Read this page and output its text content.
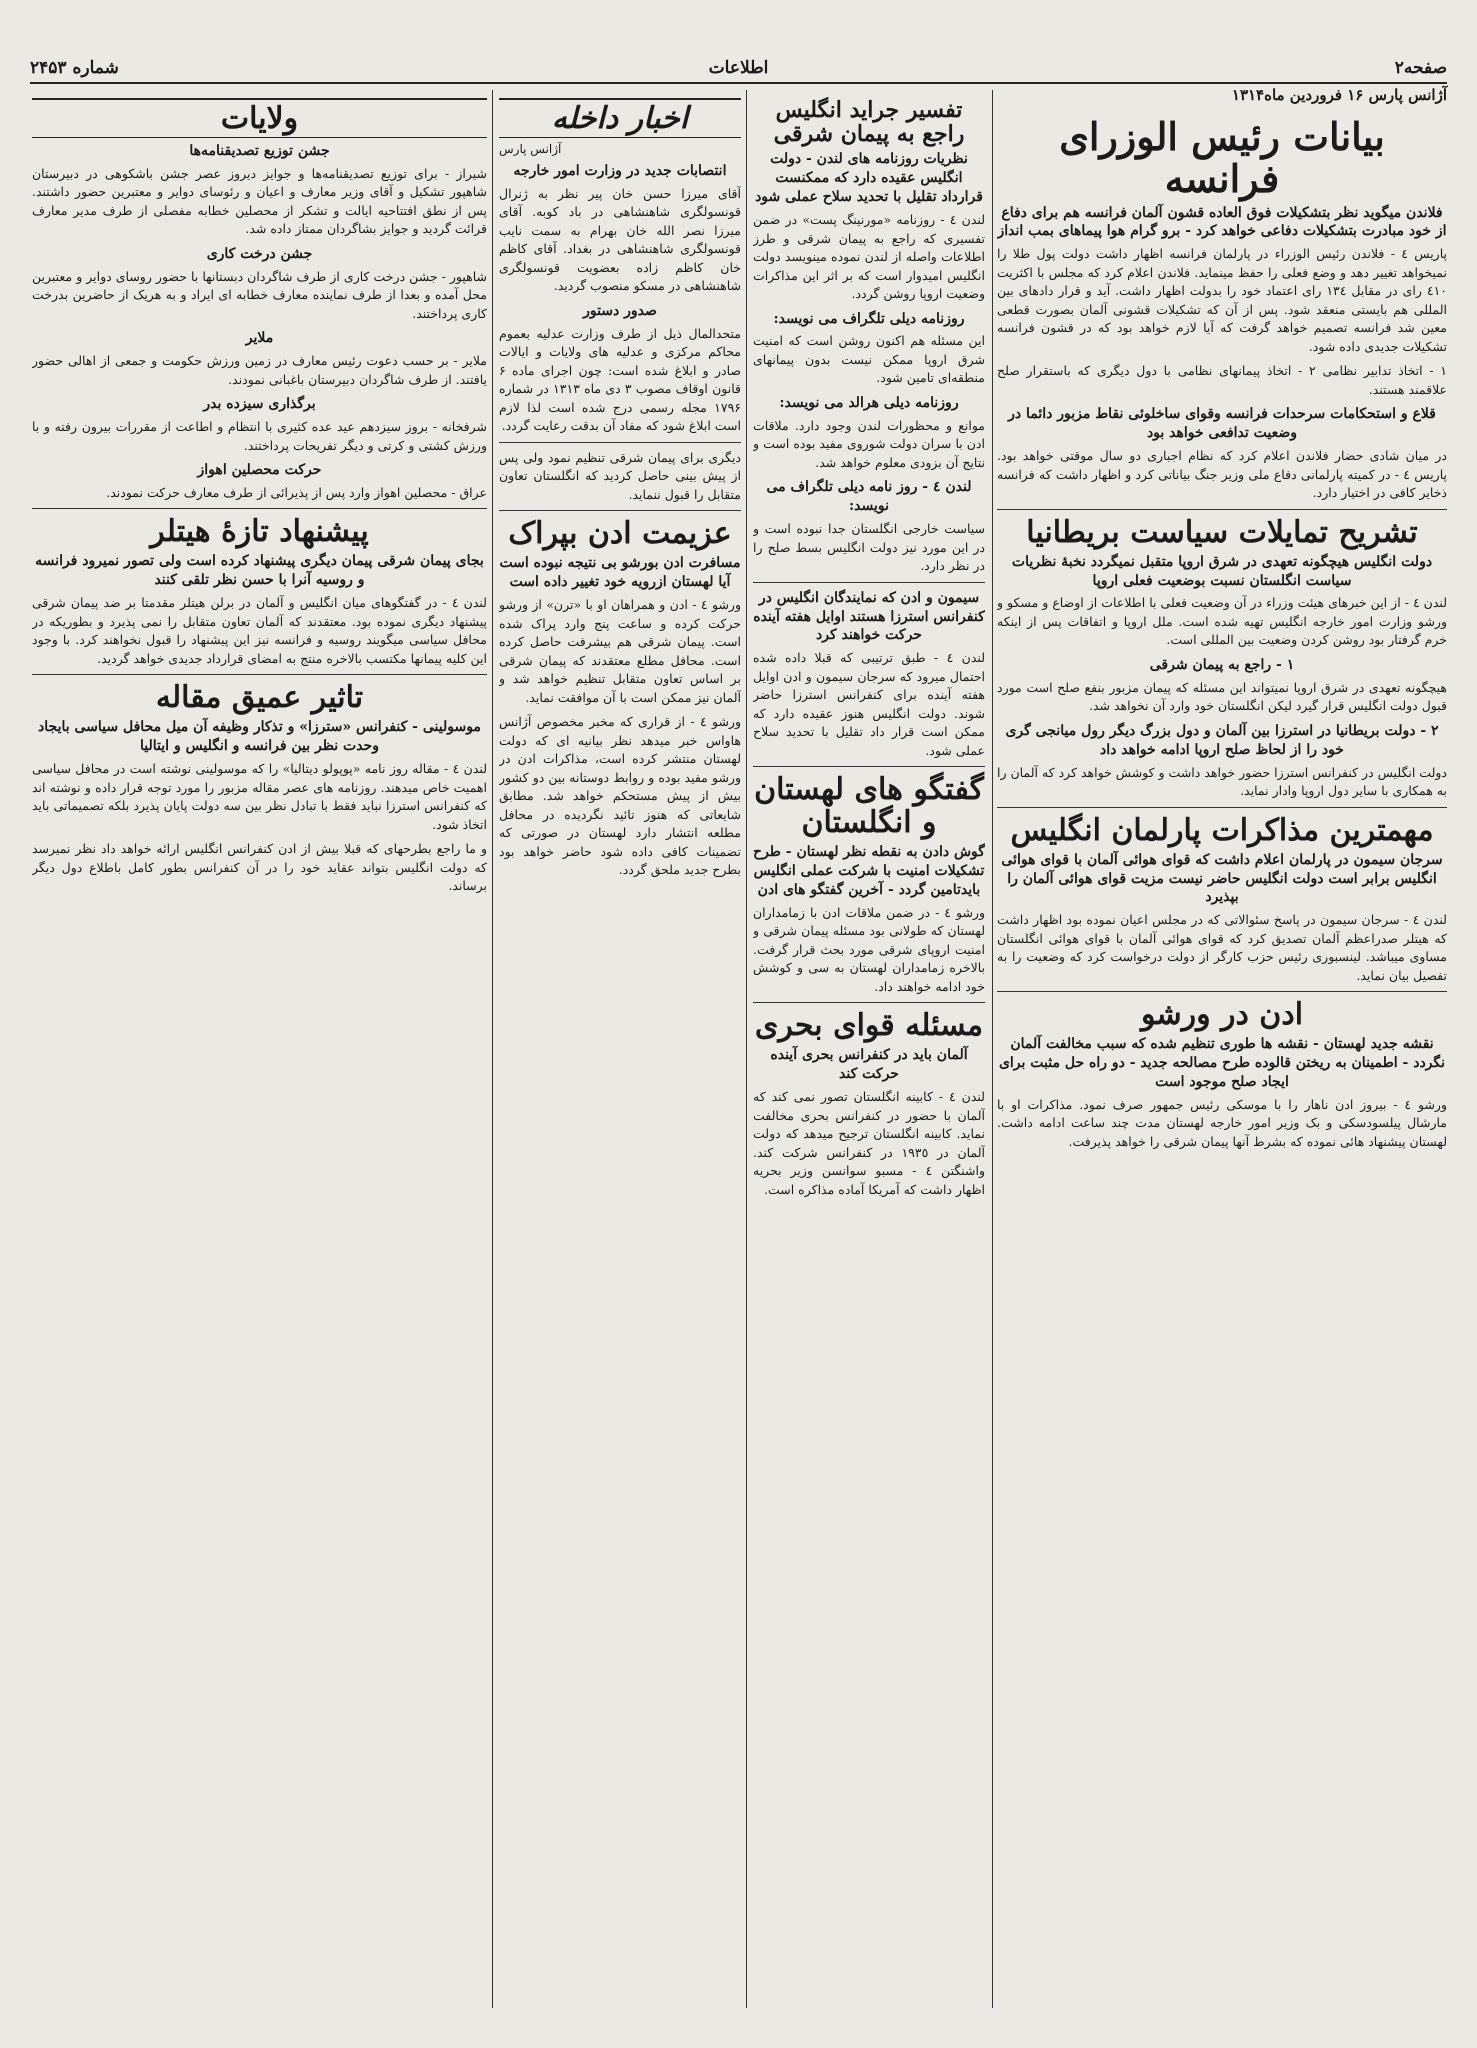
صفحه۲
اطلاعات
شماره ۲۴۵۳
آژانس پارس ۱۶ فروردین ماه۱۳۱۴
بیانات رئیس الوزرای فرانسه
فلاندن میگوید نظر بتشکیلات فوق العاده قشون آلمان فرانسه هم برای دفاع از خود مبادرت بتشکیلات دفاعی خواهد کرد - برو گرام هوا پیماهای بمب انداز

پاریس ٤ - فلاندن رئیس الوزراء در پارلمان فرانسه اظهار داشت دولت پول طلا را نمیخواهد تغییر دهد و وضع فعلی را حفظ مینماید. فلاندن اعلام کرد که مجلس با اکثریت ٤۱۰ رای در مقابل ۱۳٤ رای اعتماد خود را بدولت اظهار داشت. آید و قرار دادهای بین المللی هم بایستی منعقد شود. پس از آن که تشکیلات قشونی آلمان بصورت قطعی معین شد فرانسه تصمیم خواهد گرفت که آیا لازم خواهد بود که در قشون فرانسه تشکیلات جدیدی داده شود.

۱ - اتخاذ تدابیر نظامی ۲ - اتخاذ پیمانهای نظامی با دول دیگری که باستقرار صلح علاقمند هستند.

قلاع و استحکامات سرحدات فرانسه وقوای ساخلوئی نقاط مزبور دائما در وضعیت تدافعی خواهد بود

در میان شادی حضار فلاندن اعلام کرد که نظام اجباری دو سال موقتی خواهد بود. پاریس ٤ - در کمیته پارلمانی دفاع ملی وزیر جنگ بیاناتی کرد و اظهار داشت که فرانسه ذخایر کافی در اختیار دارد.

تشریح تمایلات سیاست بریطانیا
دولت انگلیس هیچگونه تعهدی در شرق اروپا متقبل نمیگردد نخبهٔ نظریات سیاست انگلستان نسبت بوضعیت فعلی اروپا

لندن ٤ - از این خبرهای هیئت وزراء در آن وضعیت فعلی با اطلاعات از اوضاع و مسکو و ورشو وزارت امور خارجه انگلیس تهیه شده است. ملل اروپا و اتفاقات پس از اینکه خرم گرفتار بود روشن کردن وضعیت بین المللی است.

۱ - راجع به پیمان شرقی

هیچگونه تعهدی در شرق اروپا نمیتواند این مسئله که پیمان مزبور بنفع صلح است مورد قبول دولت انگلیس قرار گیرد لیکن انگلستان خود وارد آن نخواهد شد.

۲ - دولت بریطانیا در استرزا بین آلمان و دول بزرگ دیگر رول میانجی گری خود را از لحاظ صلح اروپا ادامه خواهد داد

دولت انگلیس در کنفرانس استرزا حضور خواهد داشت و کوشش خواهد کرد که آلمان را به همکاری با سایر دول اروپا وادار نماید.

مهمترین مذاکرات پارلمان انگلیس
سرجان سیمون در پارلمان اعلام داشت که قوای هوائی آلمان با قوای هوائی انگلیس برابر است دولت انگلیس حاضر نیست مزیت قوای هوائی آلمان را بپذیرد

لندن ٤ - سرجان سیمون در پاسخ سئوالاتی که در مجلس اعیان نموده بود اظهار داشت که هیتلر صدراعظم آلمان تصدیق کرد که قوای هوائی آلمان با قوای هوائی انگلستان مساوی میباشد. لینسبوری رئیس حزب کارگر از دولت درخواست کرد که وضعیت را به تفصیل بیان نماید.

ادن در ورشو
نقشه جدید لهستان - نقشه ها طوری تنظیم شده که سبب مخالفت آلمان نگردد - اطمینان به ریختن قالوده طرح مصالحه جدید - دو راه حل مثبت برای ایجاد صلح موجود است

ورشو ٤ - بیروز ادن ناهار را با موسکی رئیس جمهور صرف نمود. مذاکرات او با مارشال پیلسودسکی و بک وزیر امور خارجه لهستان مدت چند ساعت ادامه داشت. لهستان پیشنهاد هائی نموده که بشرط آنها پیمان شرقی را خواهد پذیرفت.

تفسیر جراید انگلیس راجع به پیمان شرقی
نظریات روزنامه های لندن - دولت انگلیس عقیده دارد که ممکنست قرارداد تقلیل با تحدید سلاح عملی شود

لندن ٤ - روزنامه «مورنینگ پست» در ضمن تفسیری که راجع به پیمان شرقی و طرز اطلاعات واصله از لندن نموده مینویسد دولت انگلیس امیدوار است که بر اثر این مذاکرات وضعیت اروپا روشن گردد.

روزنامه دیلی تلگراف می نویسد:

این مسئله هم اکنون روشن است که امنیت شرق اروپا ممکن نیست بدون پیمانهای منطقه‌ای تامین شود.

روزنامه دیلی هرالد می نویسد:

موانع و محظورات لندن وجود دارد. ملاقات ادن با سران دولت شوروی مفید بوده است و نتایج آن بزودی معلوم خواهد شد.

لندن ٤ - روز نامه دیلی تلگراف می نویسد:

سیاست خارجی انگلستان جدا نبوده است و در این مورد نیز دولت انگلیس بسط صلح را در نظر دارد.

سیمون و ادن که نمایندگان انگلیس در کنفرانس استرزا هستند اوایل هفته آینده حرکت خواهند کرد

لندن ٤ - طبق ترتیبی که قبلا داده شده احتمال میرود که سرجان سیمون و ادن اوایل هفته آینده برای کنفرانس استرزا حاضر شوند. دولت انگلیس هنوز عقیده دارد که ممکن است قرار داد تقلیل با تحدید سلاح عملی شود.

گفتگو های لهستان و انگلستان
گوش دادن به نقطه نظر لهستان - طرح تشکیلات امنیت با شرکت عملی انگلیس بایدتامین گردد - آخرین گفتگو های ادن

ورشو ٤ - در ضمن ملاقات ادن با زمامداران لهستان که طولانی بود مسئله پیمان شرقی و امنیت اروپای شرقی مورد بحث قرار گرفت. بالاخره زمامداران لهستان به سی و کوشش خود ادامه خواهند داد.

مسئله قوای بحری
آلمان باید در کنفرانس بحری آینده حرکت کند

لندن ٤ - کابینه انگلستان تصور نمی کند که آلمان با حضور در کنفرانس بحری مخالفت نماید. کابینه انگلستان ترجیح میدهد که دولت آلمان در ۱۹۳٥ در کنفرانس شرکت کند. واشنگتن ٤ - مسبو سوانسن وزیر بحریه اظهار داشت که آمریکا آماده مذاکره است.

اخبار داخله
آژانس پارس
انتصابات جدید در وزارت امور خارجه

آقای میرزا حسن خان پیر نظر به ژنرال قونسولگری شاهنشاهی در باد کوبه. آقای میرزا نصر الله خان بهرام به سمت نایب قونسولگری شاهنشاهی در بغداد. آقای کاظم خان کاظم زاده بعضویت قونسولگری شاهنشاهی در مسکو منصوب گردید.

صدور دستور

متحدالمال ذیل از طرف وزارت عدلیه بعموم محاکم مرکزی و عدلیه های ولایات و ایالات صادر و ابلاغ شده است: چون اجرای ماده ۶ قانون اوقاف مصوب ۳ دی ماه ۱۳۱۳ در شماره ۱۷۹۶ مجله رسمی درج شده است لذا لازم است ابلاغ شود که مفاد آن بدقت رعایت گردد.

دیگری برای پیمان شرقی تنظیم نمود ولی پس از پیش بینی حاصل کردید که انگلستان تعاون متقابل را قبول ننماید.

عزیمت ادن بپراک
مسافرت ادن بورشو بی نتیجه نبوده است آیا لهستان ازرویه خود تغییر داده است

ورشو ٤ - ادن و همراهان او با «ترن» از ورشو حرکت کرده و ساعت پنج وارد پراک شده است. پیمان شرقی هم بیشرفت حاصل کرده است. محافل مطلع معتقدند که پیمان شرقی بر اساس تعاون متقابل تنظیم خواهد شد و آلمان نیز ممکن است با آن موافقت نماید.

ورشو ٤ - از قراری که مخبر مخصوص آژانس هاواس خبر میدهد نظر بیانیه ای که دولت لهستان منتشر کرده است، مذاکرات ادن در ورشو مفید بوده و روابط دوستانه بین دو کشور بیش از پیش مستحکم خواهد شد. مطابق شایعاتی که هنوز تائید نگردیده در محافل مطلعه انتشار دارد لهستان در صورتی که تضمینات کافی داده شود حاضر خواهد بود بطرح جدید ملحق گردد.

ولایات
جشن توزیع تصدیقنامه‌ها

شیراز - برای توزیع تصدیقنامه‌ها و جوایز دیروز عصر جشن باشکوهی در دبیرستان شاهپور تشکیل و آقای وزیر معارف و اعیان و رئوسای دوایر و معتبرین حضور داشتند. پس از نطق افتتاحیه ایالت و تشکر از محصلین خطابه مفصلی از طرف مدیر معارف قرائت گردید و جوایز بشاگردان ممتاز داده شد.

جشن درخت کاری

شاهپور - جشن درخت کاری از طرف شاگردان دبستانها با حضور روسای دوایر و معتبرین محل آمده و بعدا از طرف نماینده معارف خطابه ای ایراد و به هریک از حاضرین بدرخت کاری پرداختند.

ملایر

ملایر - بر حسب دعوت رئیس معارف در زمین ورزش حکومت و جمعی از اهالی حضور یافتند. از طرف شاگردان دبیرستان باغبانی نمودند.

برگذاری سیزده بدر

شرفخانه - بروز سیزدهم عید عده کثیری با انتظام و اطاعت از مقررات بیرون رفته و با ورزش کشتی و کرتی و دیگر تفریحات پرداختند.

حرکت محصلین اهواز

عراق - محصلین اهواز وارد پس از پذیرائی از طرف معارف حرکت نمودند.

پیشنهاد تازهٔ هیتلر
بجای پیمان شرقی پیمان دیگری پیشنهاد کرده است ولی تصور نمیرود فرانسه و روسیه آنرا با حسن نظر تلقی کنند

لندن ٤ - در گفتگوهای میان انگلیس و آلمان در برلن هیتلر مقدمتا بر ضد پیمان شرقی پیشنهاد دیگری نموده بود. معتقدند که آلمان تعاون متقابل را نمی پذیرد و بطوریکه در محافل سیاسی میگویند روسیه و فرانسه نیز این پیشنهاد را قبول نخواهند کرد. با وجود این کلیه پیمانها مکتسب بالاخره منتج به امضای قرارداد جدیدی خواهد گردید.

تاثیر عمیق مقاله
موسولینی - کنفرانس «سترزا» و تذکار وظیفه آن میل محافل سیاسی بایجاد وحدت نظر بین فرانسه و انگلیس و ایتالیا

لندن ٤ - مقاله روز نامه «پوپولو دیتالیا» را که موسولینی نوشته است در محافل سیاسی اهمیت خاص میدهند. روزنامه های عصر مقاله مزبور را مورد توجه قرار داده و نوشته اند که کنفرانس استرزا نباید فقط با تبادل نظر بین سه دولت پایان پذیرد بلکه تصمیماتی باید اتخاذ شود.

و ما راجع بطرحهای که قبلا بیش از ادن کنفرانس انگلیس ارائه خواهد داد نظر نمیرسد که دولت انگلیس بتواند عقاید خود را در آن کنفرانس بطور کامل باطلاع دول دیگر برساند.
